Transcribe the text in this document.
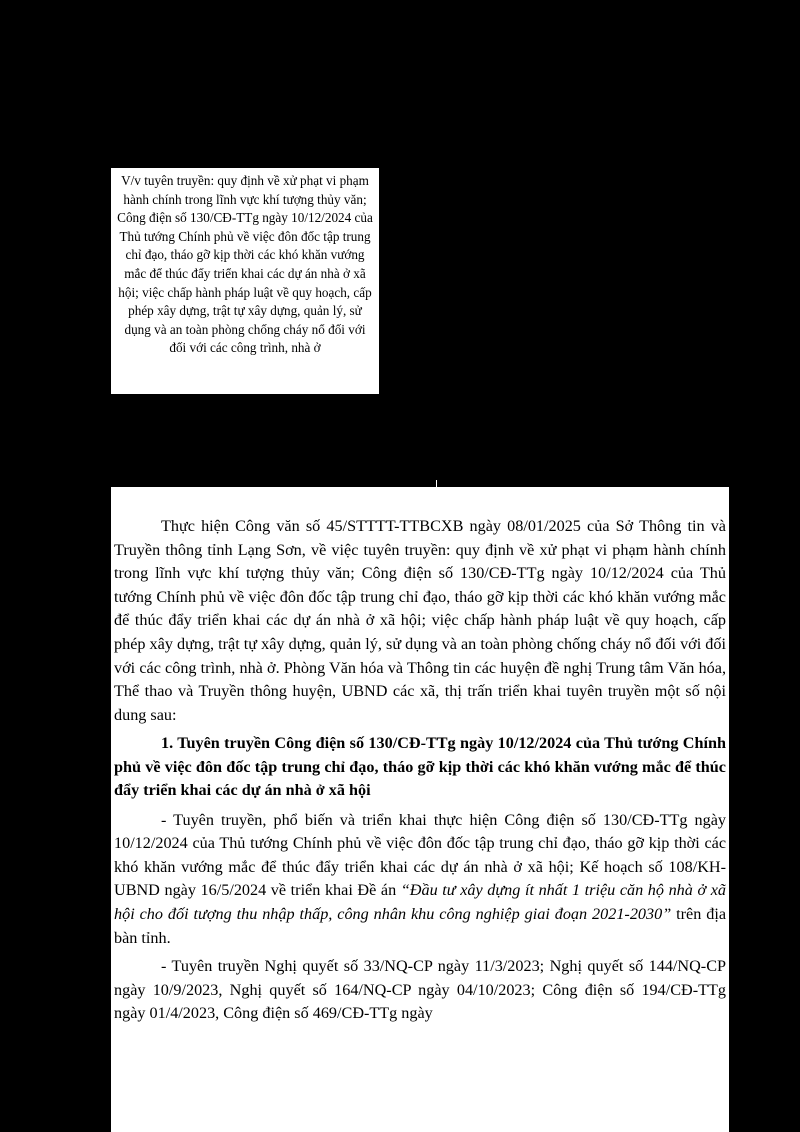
V/v tuyên truyền: quy định về xử phạt vi phạm hành chính trong lĩnh vực khí tượng thủy văn; Công điện số 130/CĐ-TTg ngày 10/12/2024 của Thủ tướng Chính phủ về việc đôn đốc tập trung chỉ đạo, tháo gỡ kịp thời các khó khăn vướng mắc để thúc đẩy triển khai các dự án nhà ở xã hội; việc chấp hành pháp luật về quy hoạch, cấp phép xây dựng, trật tự xây dựng, quản lý, sử dụng và an toàn phòng chống cháy nổ đối với đối với các công trình, nhà ở

Thực hiện Công văn số 45/STTTT-TTBCXB ngày 08/01/2025 của Sở Thông tin và Truyền thông tỉnh Lạng Sơn, về việc tuyên truyền: quy định về xử phạt vi phạm hành chính trong lĩnh vực khí tượng thủy văn; Công điện số 130/CĐ-TTg ngày 10/12/2024 của Thủ tướng Chính phủ về việc đôn đốc tập trung chỉ đạo, tháo gỡ kịp thời các khó khăn vướng mắc để thúc đẩy triển khai các dự án nhà ở xã hội; việc chấp hành pháp luật về quy hoạch, cấp phép xây dựng, trật tự xây dựng, quản lý, sử dụng và an toàn phòng chống cháy nổ đối với đối với các công trình, nhà ở. Phòng Văn hóa và Thông tin các huyện đề nghị Trung tâm Văn hóa, Thể thao và Truyền thông huyện, UBND các xã, thị trấn triển khai tuyên truyền một số nội dung sau:

1. Tuyên truyền Công điện số 130/CĐ-TTg ngày 10/12/2024 của Thủ tướng Chính phủ về việc đôn đốc tập trung chỉ đạo, tháo gỡ kịp thời các khó khăn vướng mắc để thúc đẩy triển khai các dự án nhà ở xã hội

- Tuyên truyền, phổ biến và triển khai thực hiện Công điện số 130/CĐ-TTg ngày 10/12/2024 của Thủ tướng Chính phủ về việc đôn đốc tập trung chỉ đạo, tháo gỡ kịp thời các khó khăn vướng mắc để thúc đẩy triển khai các dự án nhà ở xã hội; Kế hoạch số 108/KH-UBND ngày 16/5/2024 về triển khai Đề án “Đầu tư xây dựng ít nhất 1 triệu căn hộ nhà ở xã hội cho đối tượng thu nhập thấp, công nhân khu công nghiệp giai đoạn 2021-2030” trên địa bàn tỉnh.

- Tuyên truyền Nghị quyết số 33/NQ-CP ngày 11/3/2023; Nghị quyết số 144/NQ-CP ngày 10/9/2023, Nghị quyết số 164/NQ-CP ngày 04/10/2023; Công điện số 194/CĐ-TTg ngày 01/4/2023, Công điện số 469/CĐ-TTg ngày
